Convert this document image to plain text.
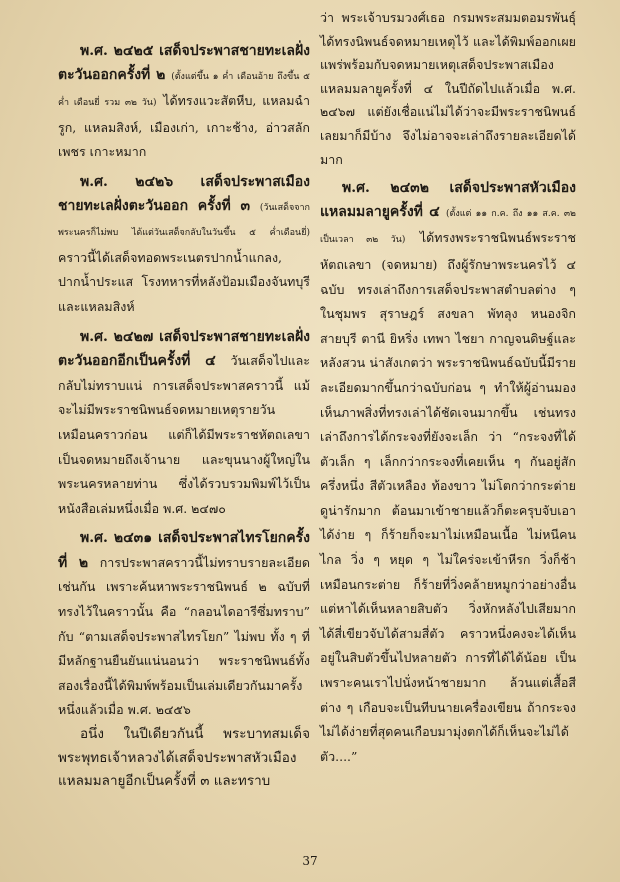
พ.ศ. ๒๔๒๕ เสด็จประพาสชายทะเลฝั่งตะวันออกครั้งที่ ๒ (ตั้งแต่ขึ้น ๑ ค่ำ เดือนอ้าย ถึงขึ้น ๕ ค่ำ เดือนยี่ รวม ๓๒ วัน) ได้ทรงแวะสัตหีบ, แหลมฉำรูก, แหลมสิงห์, เมืองเก่า, เกาะช้าง, อ่าวสลักเพชร เกาะหมาก

พ.ศ. ๒๔๒๖ เสด็จประพาสเมืองชายทะเลฝั่งตะวันออก ครั้งที่ ๓ (วันเสด็จจากพระนครก็ไม่พบ ได้แต่วันเสด็จกลับในวันขึ้น ๕ ค่ำเดือนยี่) คราวนี้ได้เสด็จทอดพระเนตรปากน้ำแกลง, ปากน้ำประแส โรงทหารที่หลังป้อมเมืองจันทบุรี และแหลมสิงห์

พ.ศ. ๒๔๒๗ เสด็จประพาสชายทะเลฝั่งตะวันออกอีกเป็นครั้งที่ ๔ วันเสด็จไปและกลับไม่ทราบแน่ การเสด็จประพาสคราวนี้ แม้จะไม่มีพระราชนิพนธ์จดหมายเหตุรายวันเหมือนคราวก่อน แต่ก็ได้มีพระราชหัตถเลขาเป็นจดหมายถึงเจ้านาย และขุนนางผู้ใหญ่ในพระนครหลายท่าน ซึ่งได้รวบรวมพิมพ์ไว้เป็นหนังสือเล่มหนึ่งเมื่อ พ.ศ. ๒๔๗๐

พ.ศ. ๒๔๓๑ เสด็จประพาสไทรโยกครั้งที่ ๒ การประพาสคราวนี้ไม่ทราบรายละเอียดเช่นกัน เพราะค้นหาพระราชนิพนธ์ ๒ ฉบับที่ทรงไว้ในคราวนั้น คือ “กลอนไดอารีซึ่มทราบ” กับ “ตามเสด็จประพาสไทรโยก” ไม่พบ ทั้ง ๆ ที่มีหลักฐานยืนยันแน่นอนว่า พระราชนิพนธ์ทั้งสองเรื่องนี้ได้พิมพ์พร้อมเป็นเล่มเดียวกันมาครั้งหนึ่งแล้วเมื่อ พ.ศ. ๒๔๕๖

อนึ่ง ในปีเดียวกันนี้ พระบาทสมเด็จพระพุทธเจ้าหลวงได้เสด็จประพาสหัวเมืองแหลมมลายูอีกเป็นครั้งที่ ๓ และทราบ

ว่า พระเจ้าบรมวงศ์เธอ กรมพระสมมตอมรพันธุ์ ได้ทรงนิพนธ์จดหมายเหตุไว้ และได้พิมพ์ออกเผยแพร่พร้อมกับจดหมายเหตุเสด็จประพาสเมืองแหลมมลายูครั้งที่ ๔ ในปีถัดไปแล้วเมื่อ พ.ศ. ๒๔๖๗ แต่ยังเชื่อแน่ไม่ได้ว่าจะมีพระราชนิพนธ์เลยมาก็มีบ้าง จึงไม่อาจจะเล่าถึงรายละเอียดได้มาก

พ.ศ. ๒๔๓๒ เสด็จประพาสหัวเมืองแหลมมลายูครั้งที่ ๔ (ตั้งแต่ ๑๑ ก.ค. ถึง ๑๑ ส.ค. ๓๒ เป็นเวลา ๓๒ วัน) ได้ทรงพระราชนิพนธ์พระราชหัตถเลขา (จดหมาย) ถึงผู้รักษาพระนครไว้ ๔ ฉบับ ทรงเล่าถึงการเสด็จประพาสตำบลต่าง ๆ ในชุมพร สุราษฎร์ สงขลา พัทลุง หนองจิก สายบุรี ตานี ยิหริ่ง เทพา ไชยา กาญจนดิษฐ์และหลังสวน น่าสังเกตว่า พระราชนิพนธ์ฉบับนี้มีรายละเอียดมากขึ้นกว่าฉบับก่อน ๆ ทำให้ผู้อ่านมองเห็นภาพสิ่งที่ทรงเล่าได้ชัดเจนมากขึ้น เช่นทรงเล่าถึงการได้กระจงที่ยังจะเล็ก ว่า “กระจงที่ได้ตัวเล็ก ๆ เล็กกว่ากระจงที่เคยเห็น ๆ กันอยู่สักครึ่งหนึ่ง สีตัวเหลือง ท้องขาว ไม่โตกว่ากระต่าย ดูน่ารักมาก ต้อนมาเข้าชายแล้วก็ตะครุบจับเอาได้ง่าย ๆ ก็ร้ายก็จะมาไม่เหมือนเนื้อ ไม่หนีคนไกล วิ่ง ๆ หยุด ๆ ไม่ใคร่จะเข้าหีรก วิ่งก็ช้าเหมือนกระต่าย ก็ร้ายที่วิ่งคล้ายหมูกว่าอย่างอื่น แต่หาได้เห็นหลายสิบตัว วิ่งหักหลังไปเสียมาก ได้สี่เขียวจับได้สามสี่ตัว คราวหนึ่งคงจะได้เห็นอยู่ในสิบตัวขึ้นไปหลายตัว การที่ได้ได้น้อย เป็นเพราะคนเราไปนั่งหน้าชายมาก ล้วนแต่เสื้อสีต่าง ๆ เกือบจะเป็นทีบนายเครื่องเขียน ถ้ากระจงไม่ได้ง่ายที่สุดคนเกือบมามุ่งตกได้ก็เห็นจะไม่ได้ตัว....”

37
